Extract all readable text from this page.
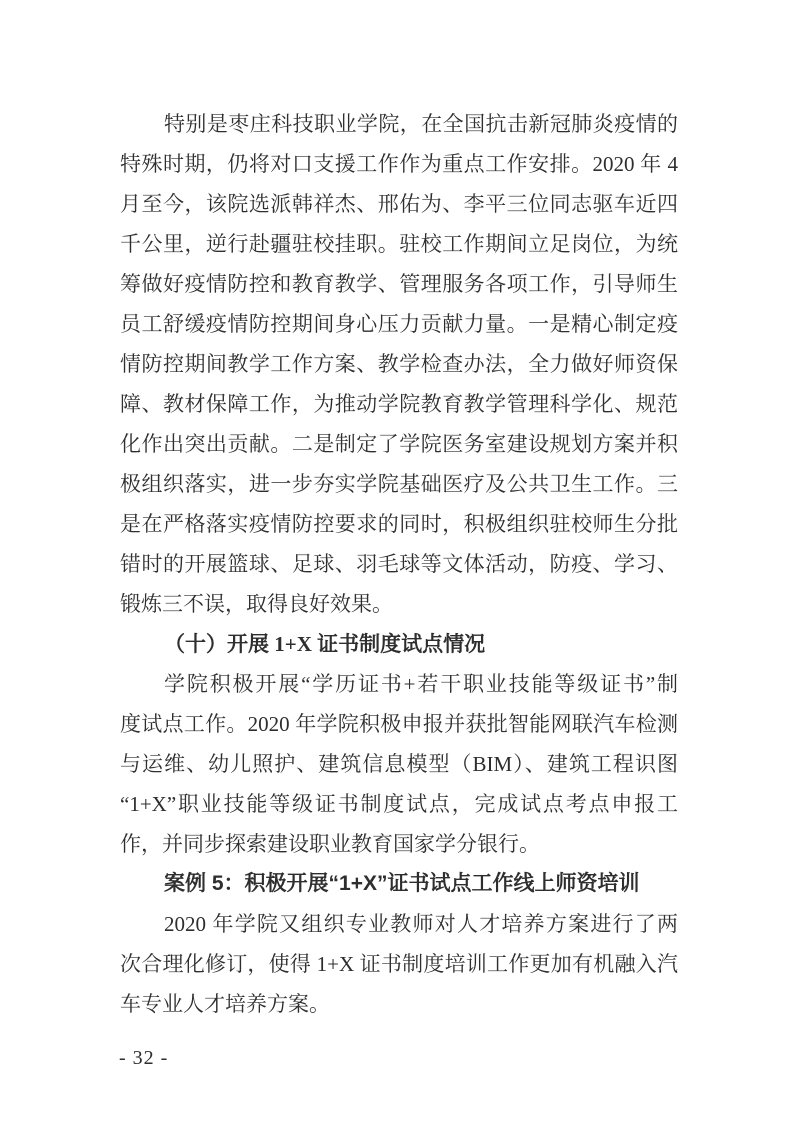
特别是枣庄科技职业学院，在全国抗击新冠肺炎疫情的
特殊时期，仍将对口支援工作作为重点工作安排。2020 年 4
月至今，该院选派韩祥杰、邢佑为、李平三位同志驱车近四
千公里，逆行赴疆驻校挂职。驻校工作期间立足岗位，为统
筹做好疫情防控和教育教学、管理服务各项工作，引导师生
员工舒缓疫情防控期间身心压力贡献力量。一是精心制定疫
情防控期间教学工作方案、教学检查办法，全力做好师资保
障、教材保障工作，为推动学院教育教学管理科学化、规范
化作出突出贡献。二是制定了学院医务室建设规划方案并积
极组织落实，进一步夯实学院基础医疗及公共卫生工作。三
是在严格落实疫情防控要求的同时，积极组织驻校师生分批
错时的开展篮球、足球、羽毛球等文体活动，防疫、学习、
锻炼三不误，取得良好效果。
（十）开展 1+X 证书制度试点情况
学院积极开展“学历证书+若干职业技能等级证书”制
度试点工作。2020 年学院积极申报并获批智能网联汽车检测
与运维、幼儿照护、建筑信息模型（BIM）、建筑工程识图
“1+X”职业技能等级证书制度试点，完成试点考点申报工
作，并同步探索建设职业教育国家学分银行。
案例 5：积极开展“1+X”证书试点工作线上师资培训
2020 年学院又组织专业教师对人才培养方案进行了两
次合理化修订，使得 1+X 证书制度培训工作更加有机融入汽
车专业人才培养方案。
- 32 -
